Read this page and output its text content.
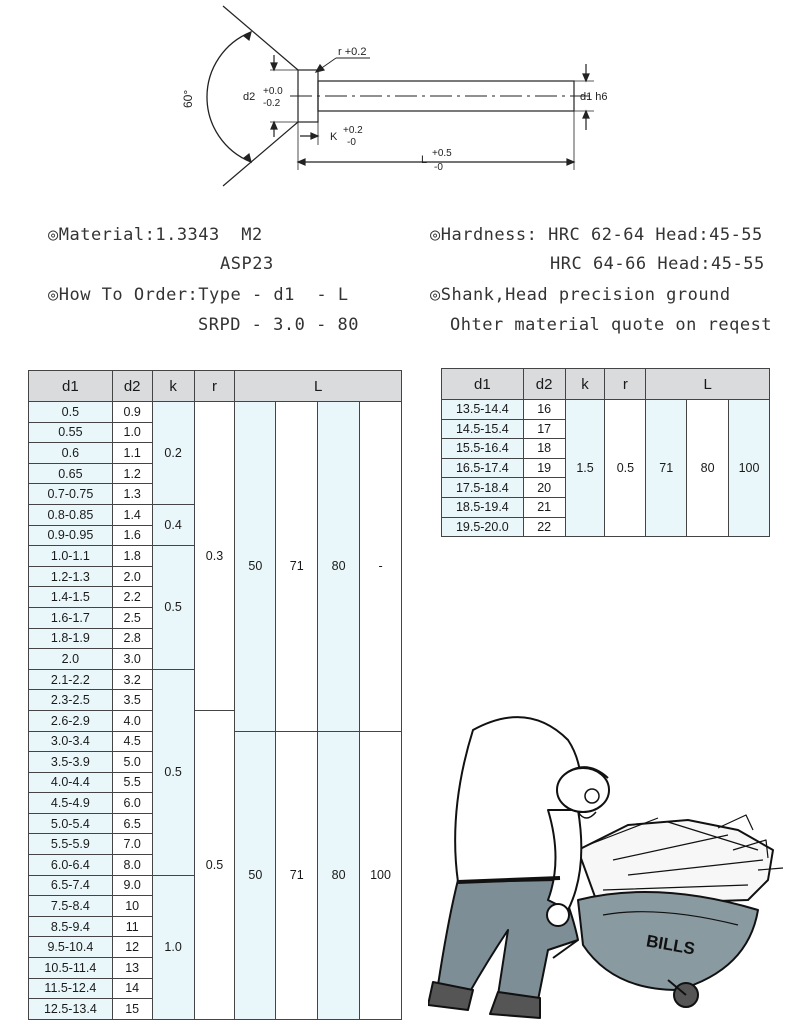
60°
r +0.2
d2 +0.0
-0.2
d1 h6
K
+0.2
-0
L
+0.5
-0
◎Material:1.3343  M2
ASP23
◎How To Order:Type - d1  - L
SRPD - 3.0 - 80
◎Hardness: HRC 62-64 Head:45-55
HRC 64-66 Head:45-55
◎Shank,Head precision ground
Ohter material quote on reqest
d1	d2	k	r	L			
0.5	0.9	0.2	0.3	50	71	80	-
0.55	1.0						
0.6	1.1						
0.65	1.2						
0.7-0.75	1.3						
0.8-0.85	1.4	0.4					
0.9-0.95	1.6						
1.0-1.1	1.8	0.5					
1.2-1.3	2.0						
1.4-1.5	2.2						
1.6-1.7	2.5						
1.8-1.9	2.8						
2.0	3.0						
2.1-2.2	3.2	0.5					
2.3-2.5	3.5						
2.6-2.9	4.0		0.5				
3.0-3.4	4.5			50	71	80	100
3.5-3.9	5.0						
4.0-4.4	5.5						
4.5-4.9	6.0						
5.0-5.4	6.5						
5.5-5.9	7.0						
6.0-6.4	8.0						
6.5-7.4	9.0	1.0					
7.5-8.4	10						
8.5-9.4	11						
9.5-10.4	12						
10.5-11.4	13						
11.5-12.4	14						
12.5-13.4	15						
d1	d2	k	r	L		
13.5-14.4	16	1.5	0.5	71	80	100
14.5-15.4	17					
15.5-16.4	18					
16.5-17.4	19					
17.5-18.4	20					
18.5-19.4	21					
19.5-20.0	22					
BILLS
